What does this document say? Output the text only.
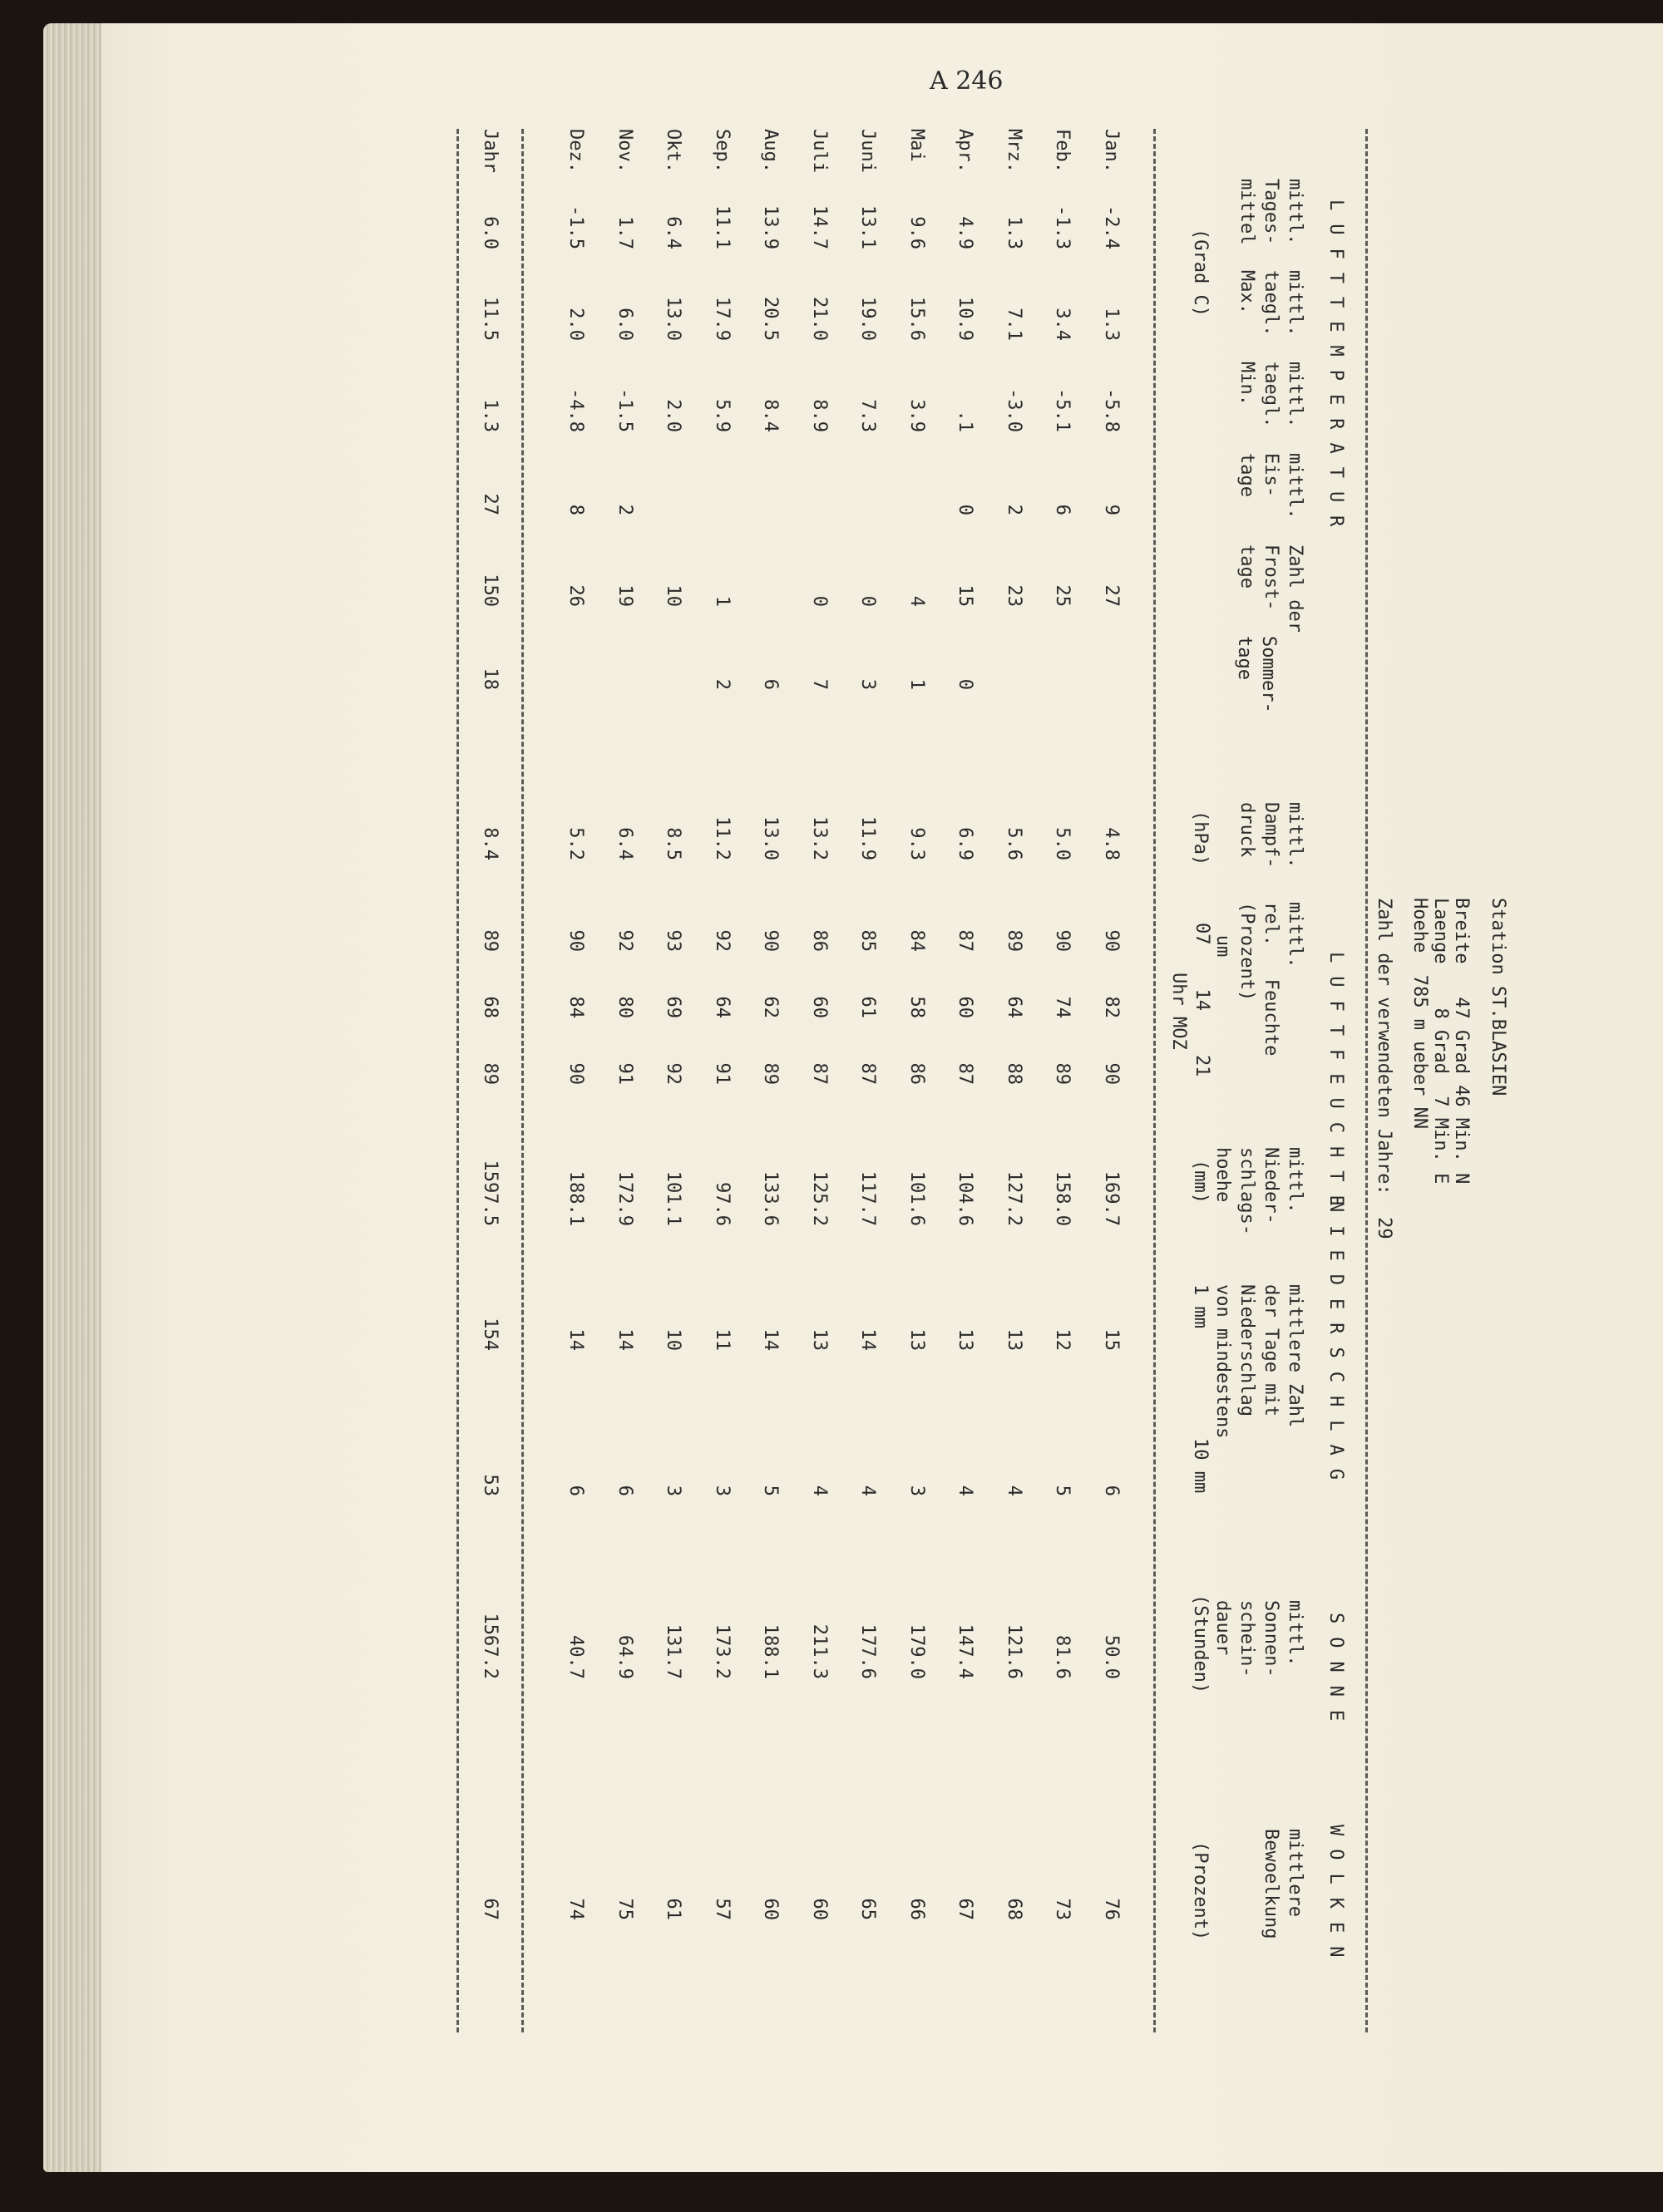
A 246
Station ST.BLASIEN
Breite   47 Grad 46 Min. N
Laenge    8 Grad  7 Min. E
Hoehe  785 m ueber NN
Zahl der verwendeten Jahre:  29
LUFTTEMPERATUR
LUFTFEUCHTE
NIEDERSCHLAG
SONNE
WOLKEN
mittl.
Tages-
mittel
mittl.
taegl.
Max.
mittl.
taegl.
Min.
mittl.
Eis-
tage
Zahl der
Frost-
tage
Sommer-
tage
mittl.
Dampf-
druck
mittl.
rel.   Feuchte
(Prozent)
um
mittl.
Nieder-
schlags-
hoehe
mittlere Zahl
der Tage mit
Niederschlag
von mindestens
mittl.
Sonnen-
schein-
dauer
mittlere
Bewoelkung
(Grad C)
(hPa)
07    14    21
Uhr MOZ
(mm)
1 mm
10 mm
(Stunden)
(Prozent)
Jan.
-2.4
1.3
-5.8
9
27
4.8
90
82
90
169.7
15
6
50.0
76
Feb.
-1.3
3.4
-5.1
6
25
5.0
90
74
89
158.0
12
5
81.6
73
Mrz.
1.3
7.1
-3.0
2
23
5.6
89
64
88
127.2
13
4
121.6
68
Apr.
4.9
10.9
.1
0
15
0
6.9
87
60
87
104.6
13
4
147.4
67
Mai
9.6
15.6
3.9
4
1
9.3
84
58
86
101.6
13
3
179.0
66
Juni
13.1
19.0
7.3
0
3
11.9
85
61
87
117.7
14
4
177.6
65
Juli
14.7
21.0
8.9
0
7
13.2
86
60
87
125.2
13
4
211.3
60
Aug.
13.9
20.5
8.4
6
13.0
90
62
89
133.6
14
5
188.1
60
Sep.
11.1
17.9
5.9
1
2
11.2
92
64
91
97.6
11
3
173.2
57
Okt.
6.4
13.0
2.0
10
8.5
93
69
92
101.1
10
3
131.7
61
Nov.
1.7
6.0
-1.5
2
19
6.4
92
80
91
172.9
14
6
64.9
75
Dez.
-1.5
2.0
-4.8
8
26
5.2
90
84
90
188.1
14
6
40.7
74
Jahr
6.0
11.5
1.3
27
150
18
8.4
89
68
89
1597.5
154
53
1567.2
67
